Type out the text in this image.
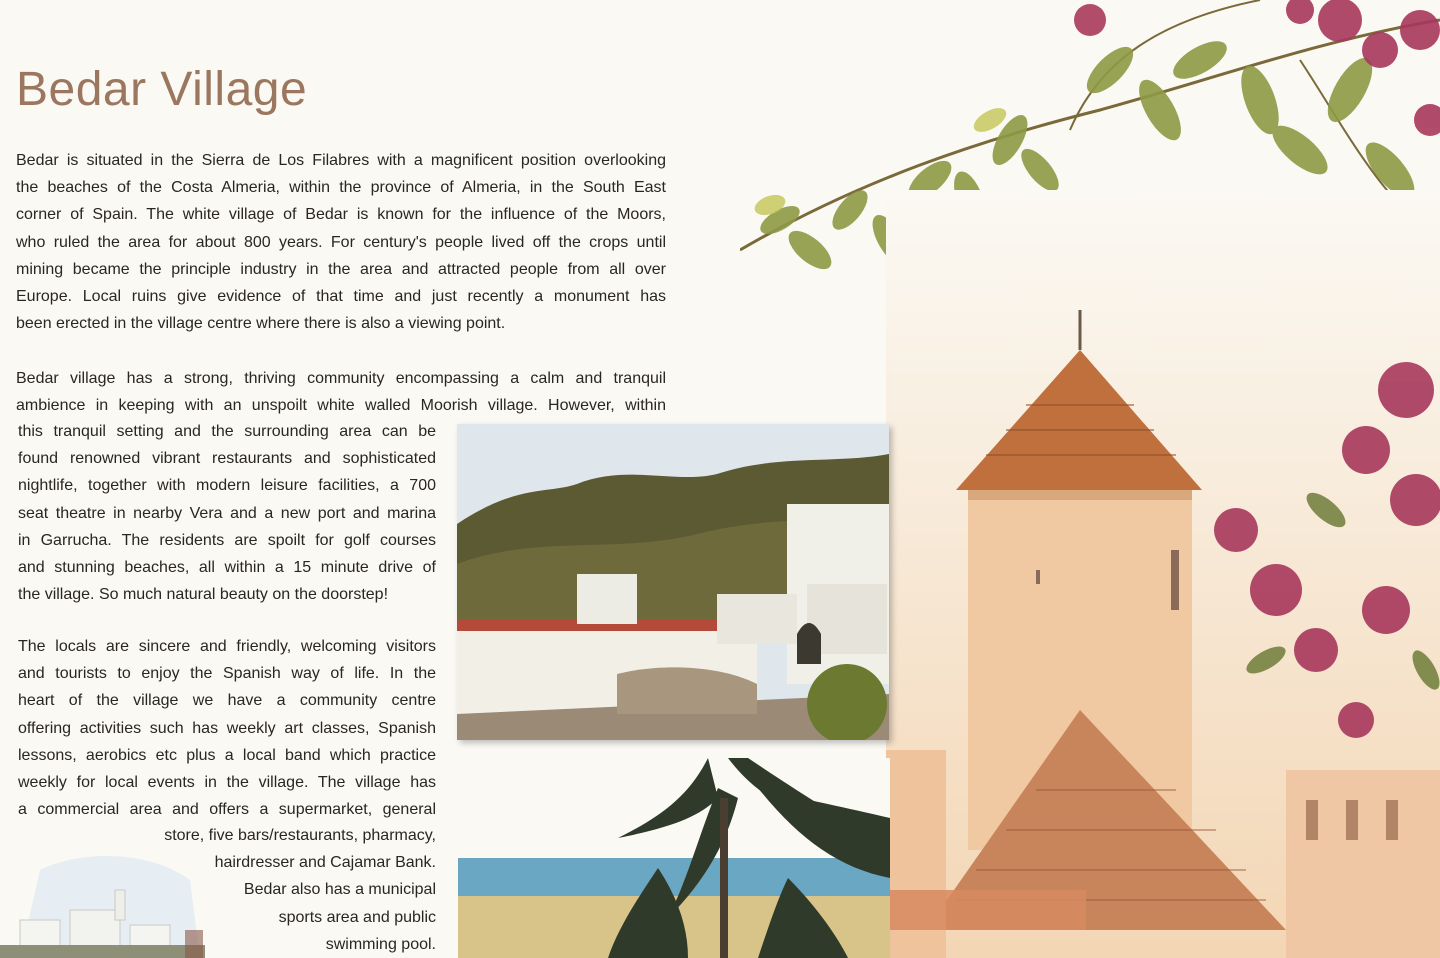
Bedar Village
Bedar is situated in the Sierra de Los Filabres with a magnificent position overlooking
the beaches of the Costa Almeria, within the province of Almeria, in the South East
corner of Spain. The white village of Bedar is known for the influence of the Moors,
who ruled the area for about 800 years. For century's people lived off the crops until
mining became the principle industry in the area and attracted people from all over
Europe. Local ruins give evidence of that time and just recently a monument has
been erected in the village centre where there is also a viewing point.
Bedar village has a strong, thriving community encompassing a calm and tranquil
ambience in keeping with an unspoilt white walled Moorish village. However, within
this tranquil setting and the surrounding area can be
found renowned vibrant restaurants and sophisticated
nightlife, together with modern leisure facilities, a 700
seat theatre in nearby Vera and a new port and marina
in Garrucha. The residents are spoilt for golf courses
and stunning beaches, all within a 15 minute drive of
the village. So much natural beauty on the doorstep!
The locals are sincere and friendly, welcoming visitors
and tourists to enjoy the Spanish way of life. In the
heart of the village we have a community centre
offering activities such has weekly art classes, Spanish
lessons, aerobics etc plus a local band which practice
weekly for local events in the village. The village has
a commercial area and offers a supermarket, general
store, five bars/restaurants, pharmacy,
hairdresser and Cajamar Bank.
Bedar also has a municipal
sports area and public
swimming pool.
